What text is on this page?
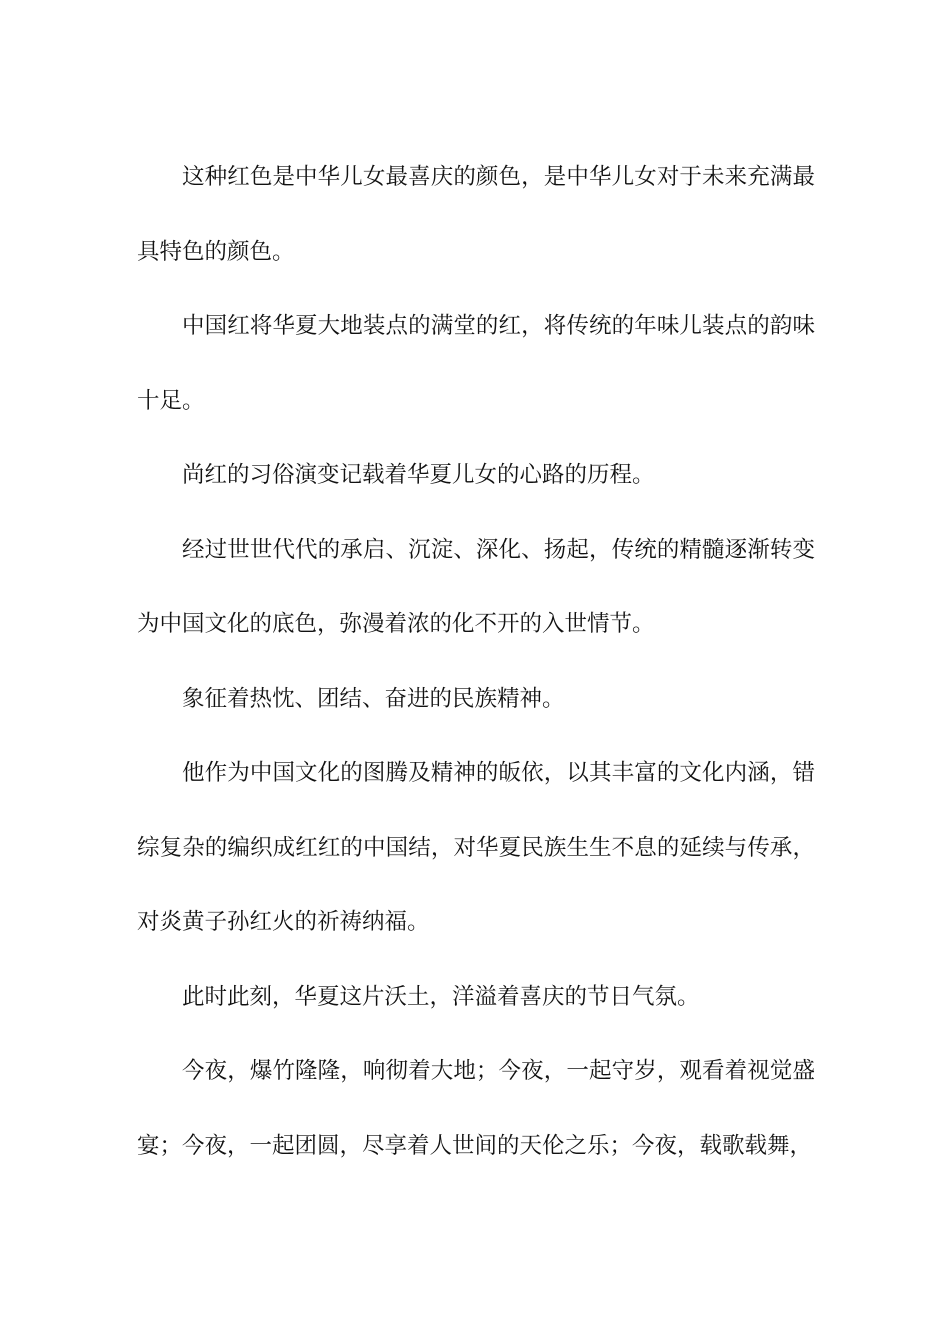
这种红色是中华儿女最喜庆的颜色，是中华儿女对于未来充满最具特色的颜色。

中国红将华夏大地装点的满堂的红，将传统的年味儿装点的韵味十足。

尚红的习俗演变记载着华夏儿女的心路的历程。

经过世世代代的承启、沉淀、深化、扬起，传统的精髓逐渐转变为中国文化的底色，弥漫着浓的化不开的入世情节。

象征着热忱、团结、奋进的民族精神。

他作为中国文化的图腾及精神的皈依，以其丰富的文化内涵，错综复杂的编织成红红的中国结，对华夏民族生生不息的延续与传承，对炎黄子孙红火的祈祷纳福。

此时此刻，华夏这片沃土，洋溢着喜庆的节日气氛。

今夜，爆竹隆隆，响彻着大地；今夜，一起守岁，观看着视觉盛宴；今夜，一起团圆，尽享着人世间的天伦之乐；今夜，载歌载舞，
